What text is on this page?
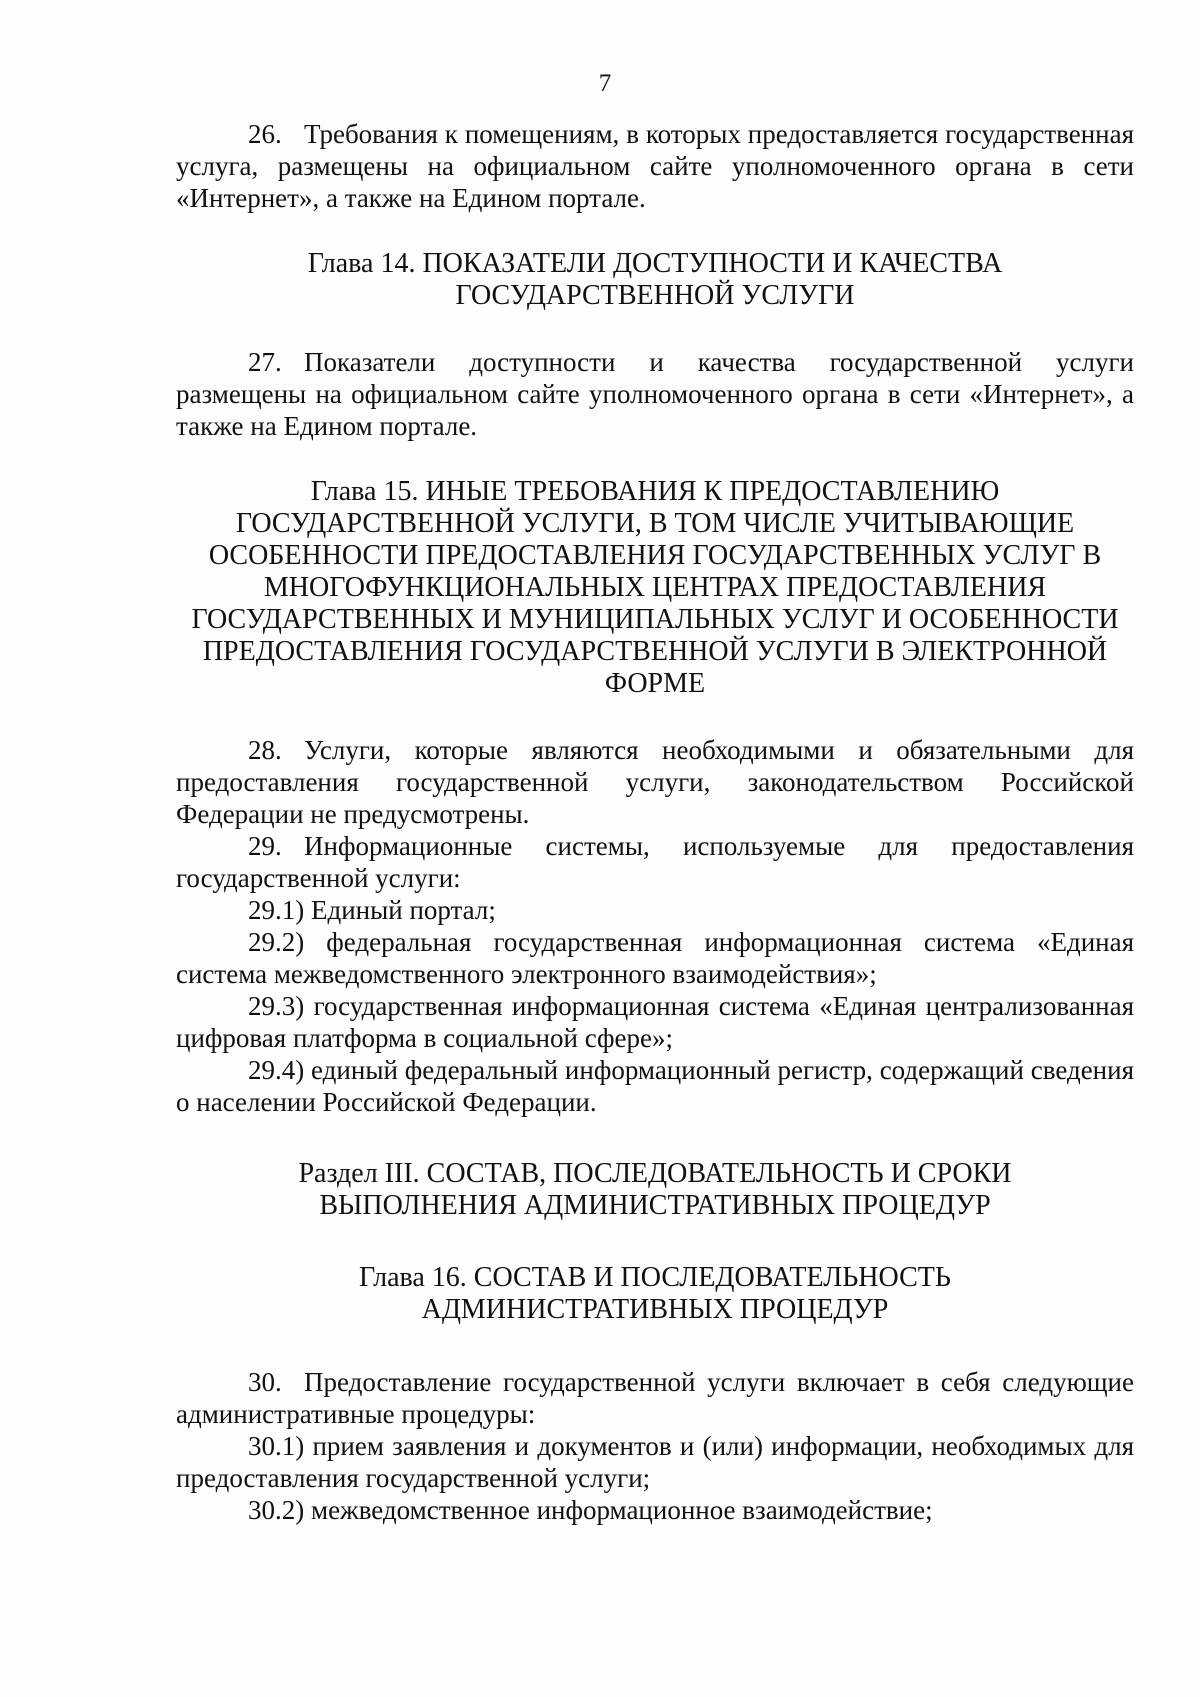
7

26. Требования к помещениям, в которых предоставляется государственная услуга, размещены на официальном сайте уполномоченного органа в сети «Интернет», а также на Едином портале.

Глава 14. ПОКАЗАТЕЛИ ДОСТУПНОСТИ И КАЧЕСТВА
ГОСУДАРСТВЕННОЙ УСЛУГИ

27. Показатели доступности и качества государственной услуги размещены на официальном сайте уполномоченного органа в сети «Интернет», а также на Едином портале.

Глава 15. ИНЫЕ ТРЕБОВАНИЯ К ПРЕДОСТАВЛЕНИЮ
ГОСУДАРСТВЕННОЙ УСЛУГИ, В ТОМ ЧИСЛЕ УЧИТЫВАЮЩИЕ
ОСОБЕННОСТИ ПРЕДОСТАВЛЕНИЯ ГОСУДАРСТВЕННЫХ УСЛУГ В
МНОГОФУНКЦИОНАЛЬНЫХ ЦЕНТРАХ ПРЕДОСТАВЛЕНИЯ
ГОСУДАРСТВЕННЫХ И МУНИЦИПАЛЬНЫХ УСЛУГ И ОСОБЕННОСТИ
ПРЕДОСТАВЛЕНИЯ ГОСУДАРСТВЕННОЙ УСЛУГИ В ЭЛЕКТРОННОЙ
ФОРМЕ

28. Услуги, которые являются необходимыми и обязательными для предоставления государственной услуги, законодательством Российской Федерации не предусмотрены.

29. Информационные системы, используемые для предоставления государственной услуги:

29.1) Единый портал;

29.2) федеральная государственная информационная система «Единая система межведомственного электронного взаимодействия»;

29.3) государственная информационная система «Единая централизованная цифровая платформа в социальной сфере»;

29.4) единый федеральный информационный регистр, содержащий сведения о населении Российской Федерации.

Раздел III. СОСТАВ, ПОСЛЕДОВАТЕЛЬНОСТЬ И СРОКИ
ВЫПОЛНЕНИЯ АДМИНИСТРАТИВНЫХ ПРОЦЕДУР
Глава 16. СОСТАВ И ПОСЛЕДОВАТЕЛЬНОСТЬ
АДМИНИСТРАТИВНЫХ ПРОЦЕДУР

30. Предоставление государственной услуги включает в себя следующие административные процедуры:

30.1) прием заявления и документов и (или) информации, необходимых для предоставления государственной услуги;

30.2) межведомственное информационное взаимодействие;
